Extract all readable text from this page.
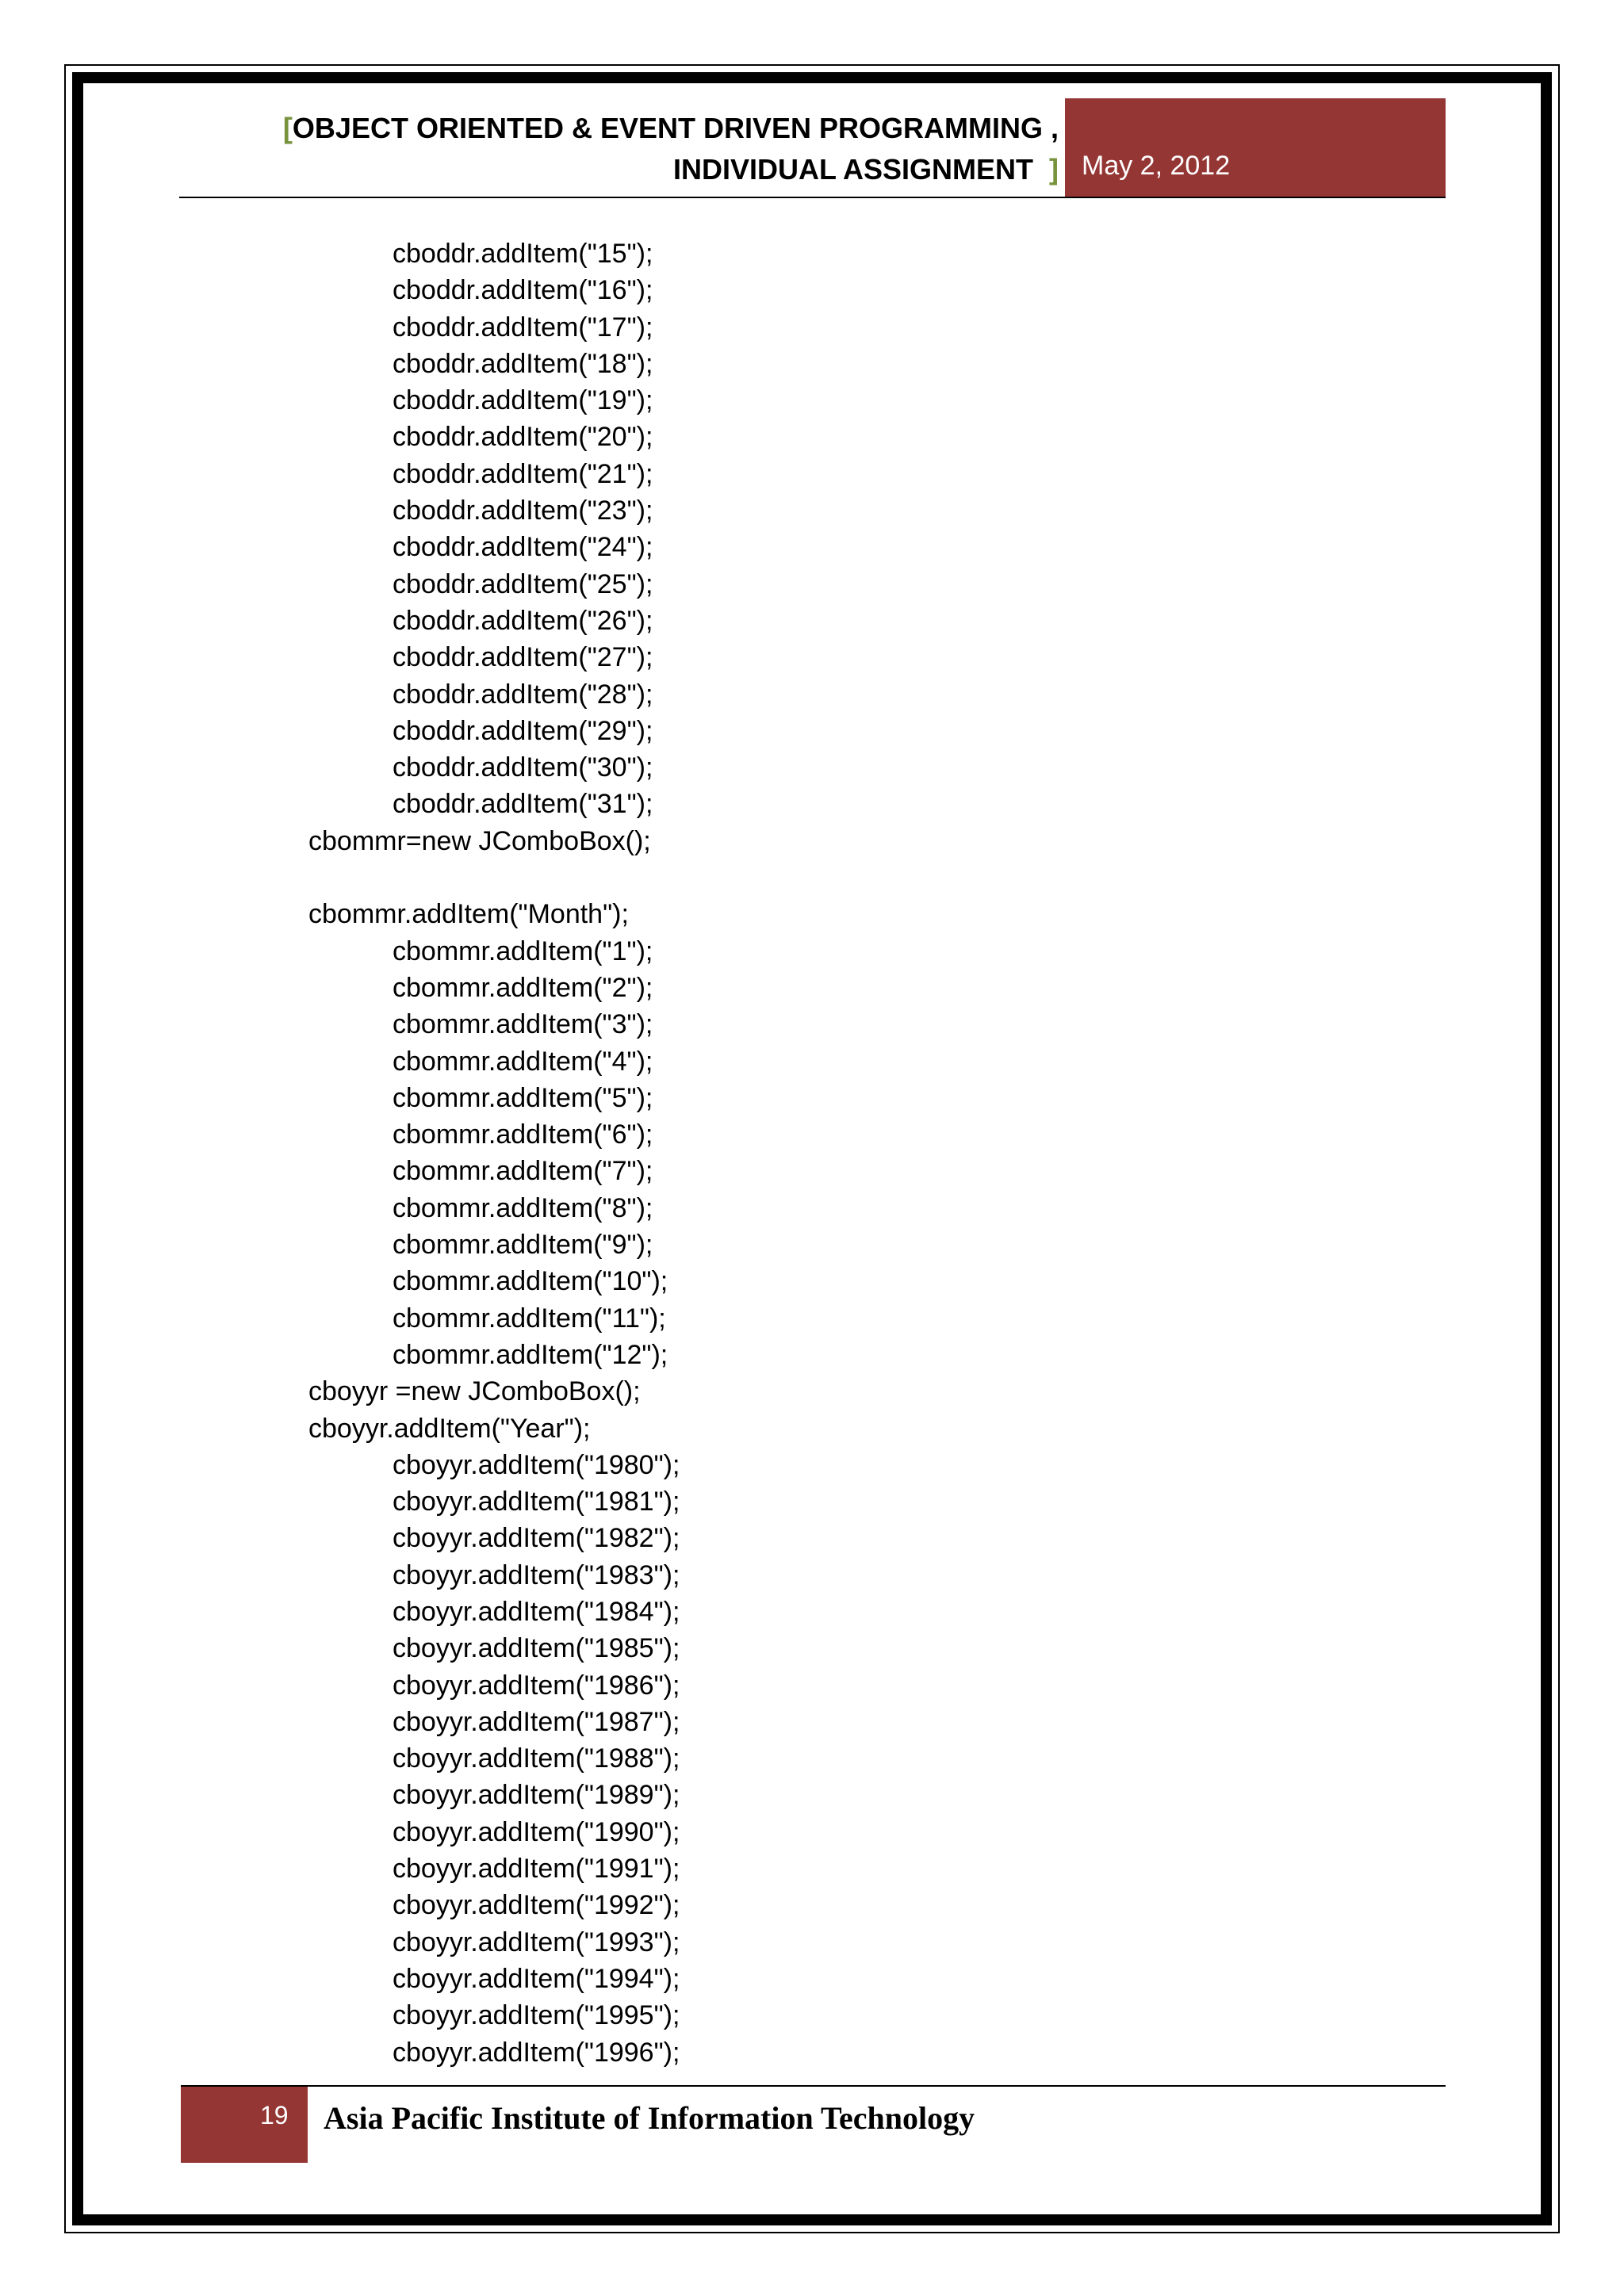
[OBJECT ORIENTED & EVENT DRIVEN PROGRAMMING ,
INDIVIDUAL ASSIGNMENT ] May 2, 2012
cboddr.addItem("15");
cboddr.addItem("16");
cboddr.addItem("17");
cboddr.addItem("18");
cboddr.addItem("19");
cboddr.addItem("20");
cboddr.addItem("21");
cboddr.addItem("23");
cboddr.addItem("24");
cboddr.addItem("25");
cboddr.addItem("26");
cboddr.addItem("27");
cboddr.addItem("28");
cboddr.addItem("29");
cboddr.addItem("30");
cboddr.addItem("31");
cbommr=new JComboBox();
cbommr.addItem("Month");
cbommr.addItem("1");
cbommr.addItem("2");
cbommr.addItem("3");
cbommr.addItem("4");
cbommr.addItem("5");
cbommr.addItem("6");
cbommr.addItem("7");
cbommr.addItem("8");
cbommr.addItem("9");
cbommr.addItem("10");
cbommr.addItem("11");
cbommr.addItem("12");
cboyyr =new JComboBox();
cboyyr.addItem("Year");
cboyyr.addItem("1980");
cboyyr.addItem("1981");
cboyyr.addItem("1982");
cboyyr.addItem("1983");
cboyyr.addItem("1984");
cboyyr.addItem("1985");
cboyyr.addItem("1986");
cboyyr.addItem("1987");
cboyyr.addItem("1988");
cboyyr.addItem("1989");
cboyyr.addItem("1990");
cboyyr.addItem("1991");
cboyyr.addItem("1992");
cboyyr.addItem("1993");
cboyyr.addItem("1994");
cboyyr.addItem("1995");
cboyyr.addItem("1996");
19 Asia Pacific Institute of Information Technology
